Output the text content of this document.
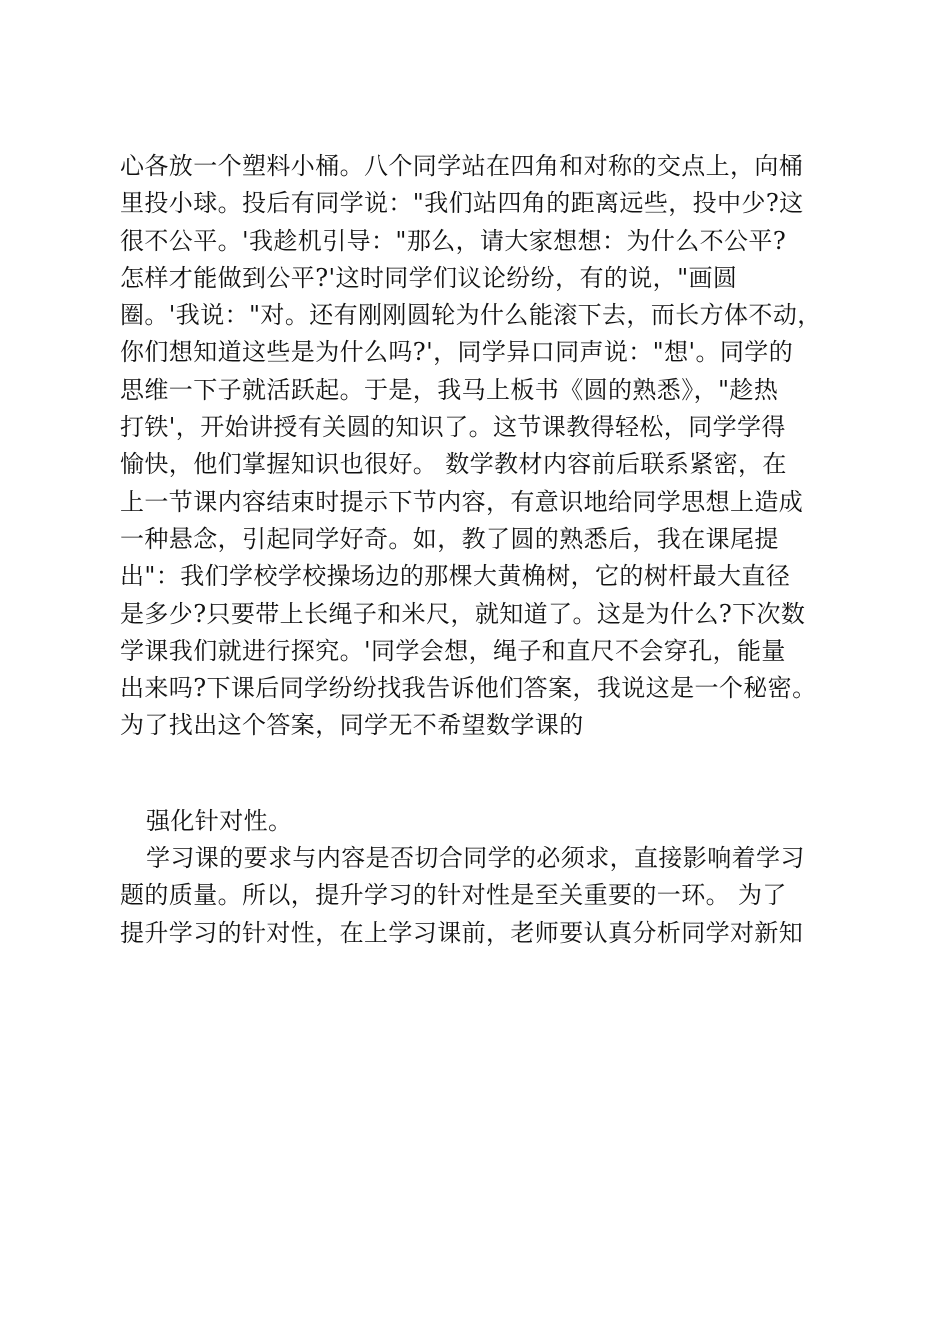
心各放一个塑料小桶。八个同学站在四角和对称的交点上，向桶
里投小球。投后有同学说："我们站四角的距离远些，投中少?这
很不公平。'我趁机引导："那么，请大家想想：为什么不公平?
怎样才能做到公平?'这时同学们议论纷纷，有的说，"画圆
圈。'我说："对。还有刚刚圆轮为什么能滚下去，而长方体不动，
你们想知道这些是为什么吗?'，同学异口同声说："想'。同学的
思维一下子就活跃起。于是，我马上板书《圆的熟悉》，"趁热
打铁'，开始讲授有关圆的知识了。这节课教得轻松，同学学得
愉快，他们掌握知识也很好。 数学教材内容前后联系紧密，在
上一节课内容结束时提示下节内容，有意识地给同学思想上造成
一种悬念，引起同学好奇。如，教了圆的熟悉后，我在课尾提
出"：我们学校学校操场边的那棵大黄桷树，它的树杆最大直径
是多少?只要带上长绳子和米尺，就知道了。这是为什么?下次数
学课我们就进行探究。'同学会想，绳子和直尺不会穿孔，能量
出来吗?下课后同学纷纷找我告诉他们答案，我说这是一个秘密。
为了找出这个答案，同学无不希望数学课的
强化针对性。
学习课的要求与内容是否切合同学的必须求，直接影响着学习
题的质量。所以，提升学习的针对性是至关重要的一环。 为了
提升学习的针对性，在上学习课前，老师要认真分析同学对新知
